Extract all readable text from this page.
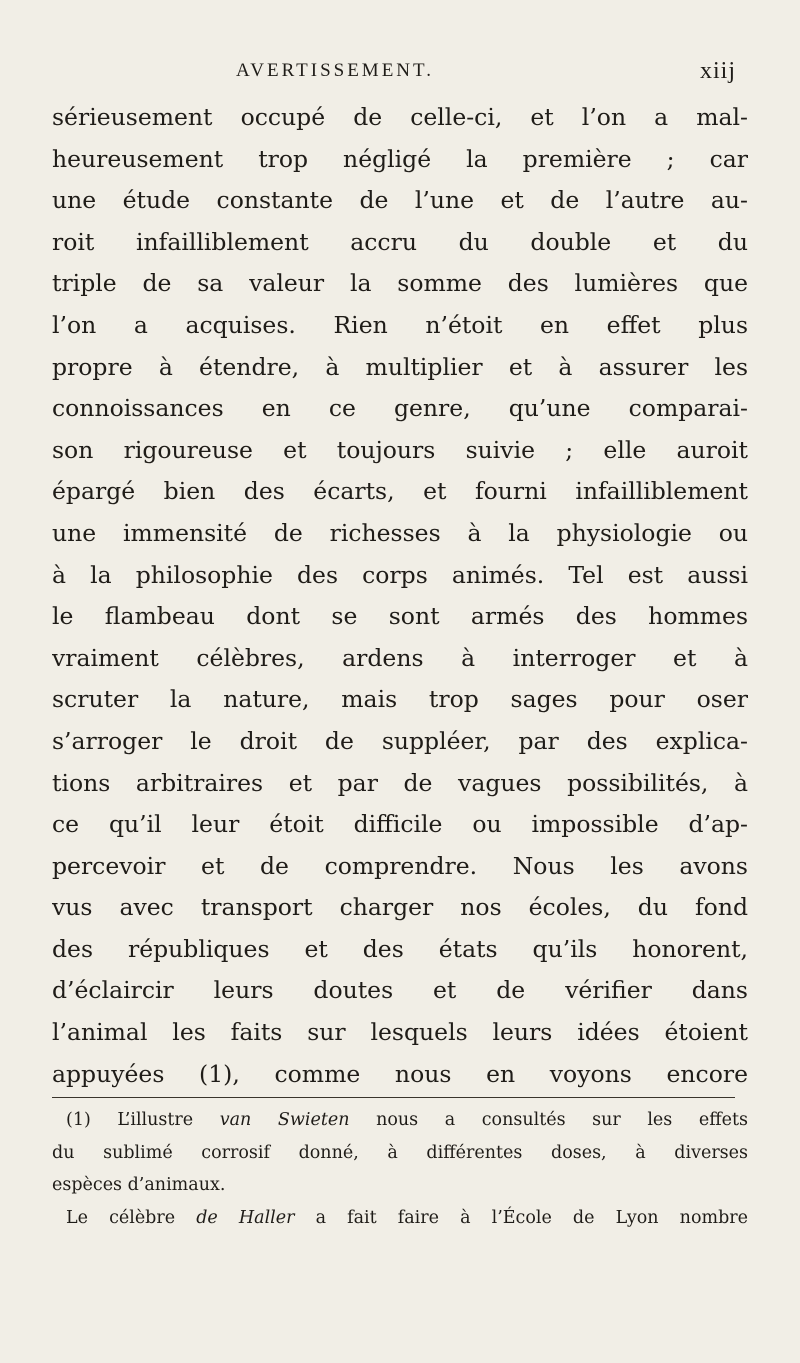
AVERTISSEMENT.	xiij
sérieusement occupé de celle-ci, et l’on a mal-
heureusement trop négligé la première ; car
une étude constante de l’une et de l’autre au-
roit infailliblement accru du double et du
triple de sa valeur la somme des lumières que
l’on a acquises. Rien n’étoit en effet plus
propre à étendre, à multiplier et à assurer les
connoissances en ce genre, qu’une comparai-
son rigoureuse et toujours suivie ; elle auroit
épargé bien des écarts, et fourni infailliblement
une immensité de richesses à la physiologie ou
à la philosophie des corps animés. Tel est aussi
le flambeau dont se sont armés des hommes
vraiment célèbres, ardens à interroger et à
scruter la nature, mais trop sages pour oser
s’arroger le droit de suppléer, par des explica-
tions arbitraires et par de vagues possibilités, à
ce qu’il leur étoit difficile ou impossible d’ap-
percevoir et de comprendre. Nous les avons
vus avec transport charger nos écoles, du fond
des républiques et des états qu’ils honorent,
d’éclaircir leurs doutes et de vérifier dans
l’animal les faits sur lesquels leurs idées étoient
appuyées (1), comme nous en voyons encore
(1) L’illustre van Swieten nous a consultés sur les effets
du sublimé corrosif donné, à différentes doses, à diverses
espèces d’animaux.
Le célèbre de Haller a fait faire à l’École de Lyon nombre
